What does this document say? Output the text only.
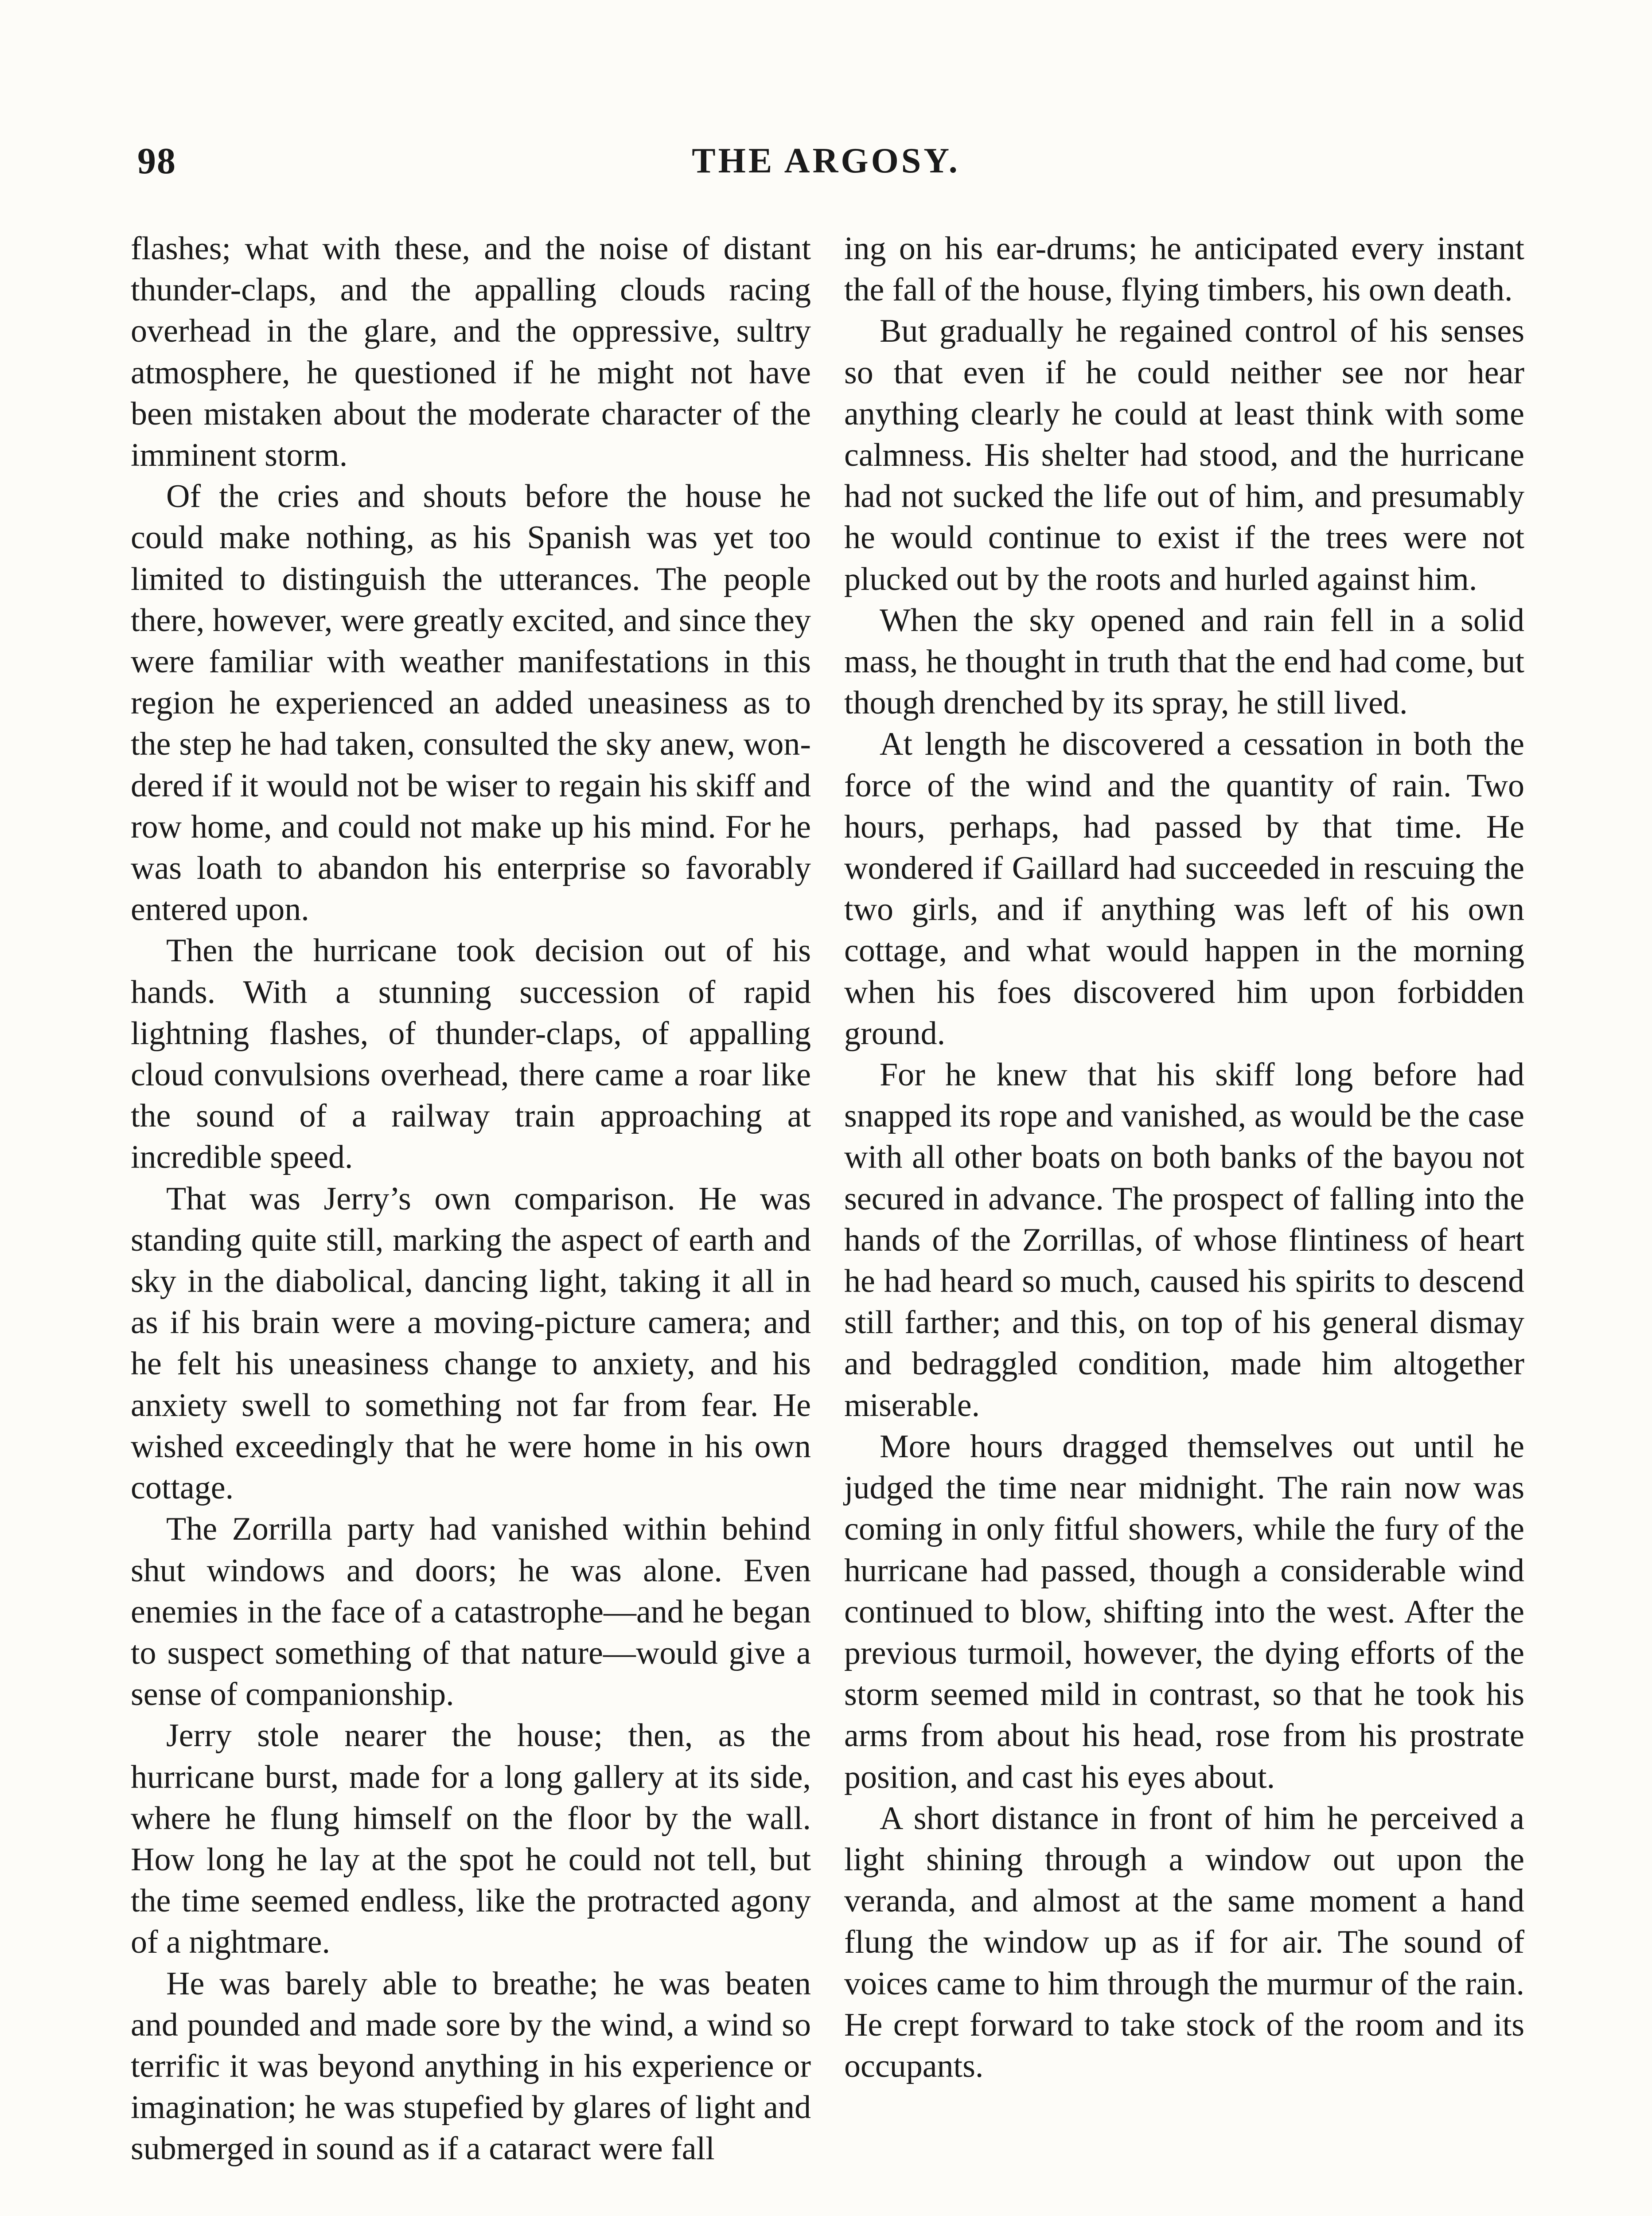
98	THE ARGOSY.

flashes; what with these, and the noise of distant thunder-claps, and the appalling clouds racing overhead in the glare, and the oppressive, sultry atmosphere, he questioned if he might not have been mistaken about the moderate character of the imminent storm.

Of the cries and shouts before the house he could make nothing, as his Spanish was yet too limited to distinguish the utterances. The people there, however, were greatly excited, and since they were familiar with weather manifestations in this region he experienced an added uneasiness as to the step he had taken, consulted the sky anew, wondered if it would not be wiser to regain his skiff and row home, and could not make up his mind. For he was loath to abandon his enterprise so favorably entered upon.

Then the hurricane took decision out of his hands. With a stunning succession of rapid lightning flashes, of thunder-claps, of appalling cloud convulsions overhead, there came a roar like the sound of a railway train approaching at incredible speed.

That was Jerry’s own comparison. He was standing quite still, marking the aspect of earth and sky in the diabolical, dancing light, taking it all in as if his brain were a moving-picture camera; and he felt his uneasiness change to anxiety, and his anxiety swell to something not far from fear. He wished exceedingly that he were home in his own cottage.

The Zorrilla party had vanished within behind shut windows and doors; he was alone. Even enemies in the face of a catastrophe—and he began to suspect something of that nature—would give a sense of companionship.

Jerry stole nearer the house; then, as the hurricane burst, made for a long gallery at its side, where he flung himself on the floor by the wall. How long he lay at the spot he could not tell, but the time seemed endless, like the protracted agony of a nightmare.

He was barely able to breathe; he was beaten and pounded and made sore by the wind, a wind so terrific it was beyond anything in his experience or imagination; he was stupefied by glares of light and submerged in sound as if a cataract were fall

ing on his ear-drums; he anticipated every instant the fall of the house, flying timbers, his own death.

But gradually he regained control of his senses so that even if he could neither see nor hear anything clearly he could at least think with some calmness. His shelter had stood, and the hurricane had not sucked the life out of him, and presumably he would continue to exist if the trees were not plucked out by the roots and hurled against him.

When the sky opened and rain fell in a solid mass, he thought in truth that the end had come, but though drenched by its spray, he still lived.

At length he discovered a cessation in both the force of the wind and the quantity of rain. Two hours, perhaps, had passed by that time. He wondered if Gaillard had succeeded in rescuing the two girls, and if anything was left of his own cottage, and what would happen in the morning when his foes discovered him upon forbidden ground.

For he knew that his skiff long before had snapped its rope and vanished, as would be the case with all other boats on both banks of the bayou not secured in advance. The prospect of falling into the hands of the Zorrillas, of whose flintiness of heart he had heard so much, caused his spirits to descend still farther; and this, on top of his general dismay and bedraggled condition, made him altogether miserable.

More hours dragged themselves out until he judged the time near midnight. The rain now was coming in only fitful showers, while the fury of the hurricane had passed, though a considerable wind continued to blow, shifting into the west. After the previous turmoil, however, the dying efforts of the storm seemed mild in contrast, so that he took his arms from about his head, rose from his prostrate position, and cast his eyes about.

A short distance in front of him he perceived a light shining through a window out upon the veranda, and almost at the same moment a hand flung the window up as if for air. The sound of voices came to him through the murmur of the rain. He crept forward to take stock of the room and its occupants.
